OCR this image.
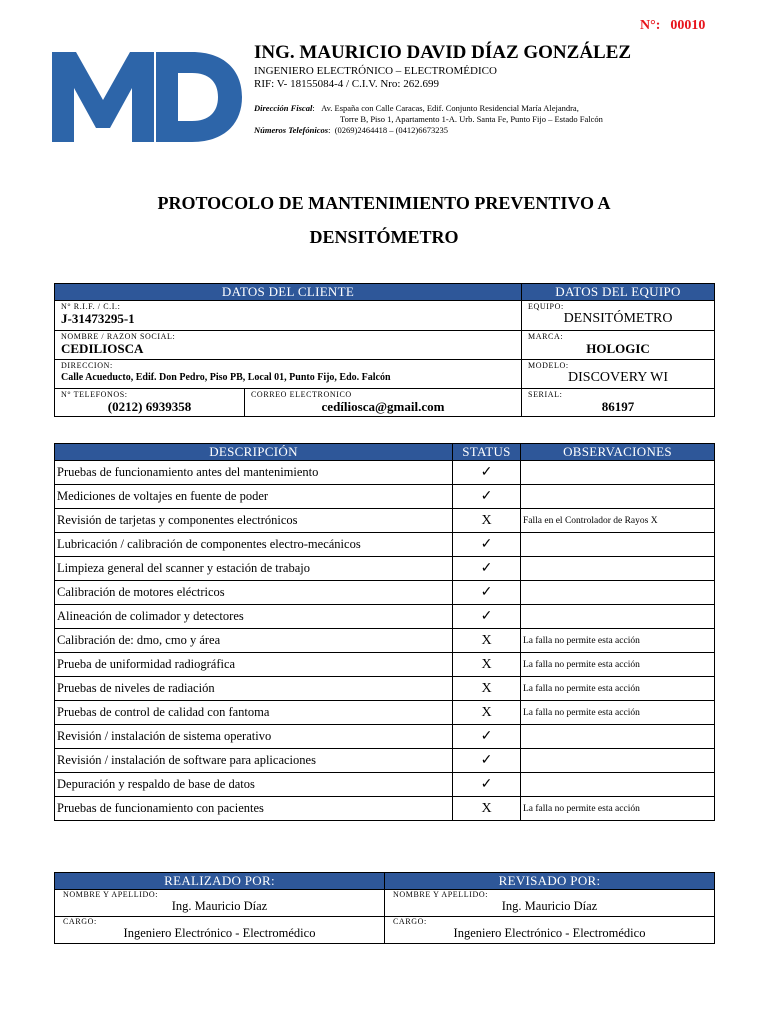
N°: 00010
ING. MAURICIO DAVID DÍAZ GONZÁLEZ
INGENIERO ELECTRÓNICO – ELECTROMÉDICO
RIF: V- 18155084-4 / C.I.V. Nro: 262.699
Dirección Fiscal:   Av. España con Calle Caracas, Edif. Conjunto Residencial María Alejandra,
Torre B, Piso 1, Apartamento 1-A. Urb. Santa Fe, Punto Fijo – Estado Falcón
Números Telefónicos:  (0269)2464418 – (0412)6673235
PROTOCOLO DE MANTENIMIENTO PREVENTIVO A
DENSITÓMETRO
DATOS DEL CLIENTE		DATOS DEL EQUIPO

N° R.I.F. / C.I.:
J-31473295-1		EQUIPO:
DENSITÓMETRO

NOMBRE / RAZON SOCIAL:
CEDILIOSCA		MARCA:
HOLOGIC

DIRECCION:
Calle Acueducto, Edif. Don Pedro, Piso PB, Local 01, Punto Fijo, Edo. Falcón		MODELO:
DISCOVERY WI

N° TELEFONOS:
(0212) 6939358	CORREO ELECTRONICO
cedíliosca@gmail.com	SERIAL:
86197
DESCRIPCIÓN	STATUS	OBSERVACIONES
Pruebas de funcionamiento antes del mantenimiento	✓	
Mediciones de voltajes en fuente de poder	✓	
Revisión de tarjetas y componentes electrónicos	X	Falla en el Controlador de Rayos X
Lubricación / calibración de componentes electro-mecánicos	✓	
Limpieza general del scanner y estación de trabajo	✓	
Calibración de motores eléctricos	✓	
Alineación de colimador y detectores	✓	
Calibración de: dmo, cmo y área	X	La falla no permite esta acción
Prueba de uniformidad radiográfica	X	La falla no permite esta acción
Pruebas de niveles de radiación	X	La falla no permite esta acción
Pruebas de control de calidad con fantoma	X	La falla no permite esta acción
Revisión / instalación de sistema operativo	✓	
Revisión / instalación de software para aplicaciones	✓	
Depuración y respaldo de base de datos	✓	
Pruebas de funcionamiento con pacientes	X	La falla no permite esta acción
REALIZADO POR:	REVISADO POR:

NOMBRE Y APELLIDO:
Ing. Mauricio Díaz	NOMBRE Y APELLIDO:
Ing. Mauricio Díaz

CARGO:
Ingeniero Electrónico - Electromédico	CARGO:
Ingeniero Electrónico - Electromédico
